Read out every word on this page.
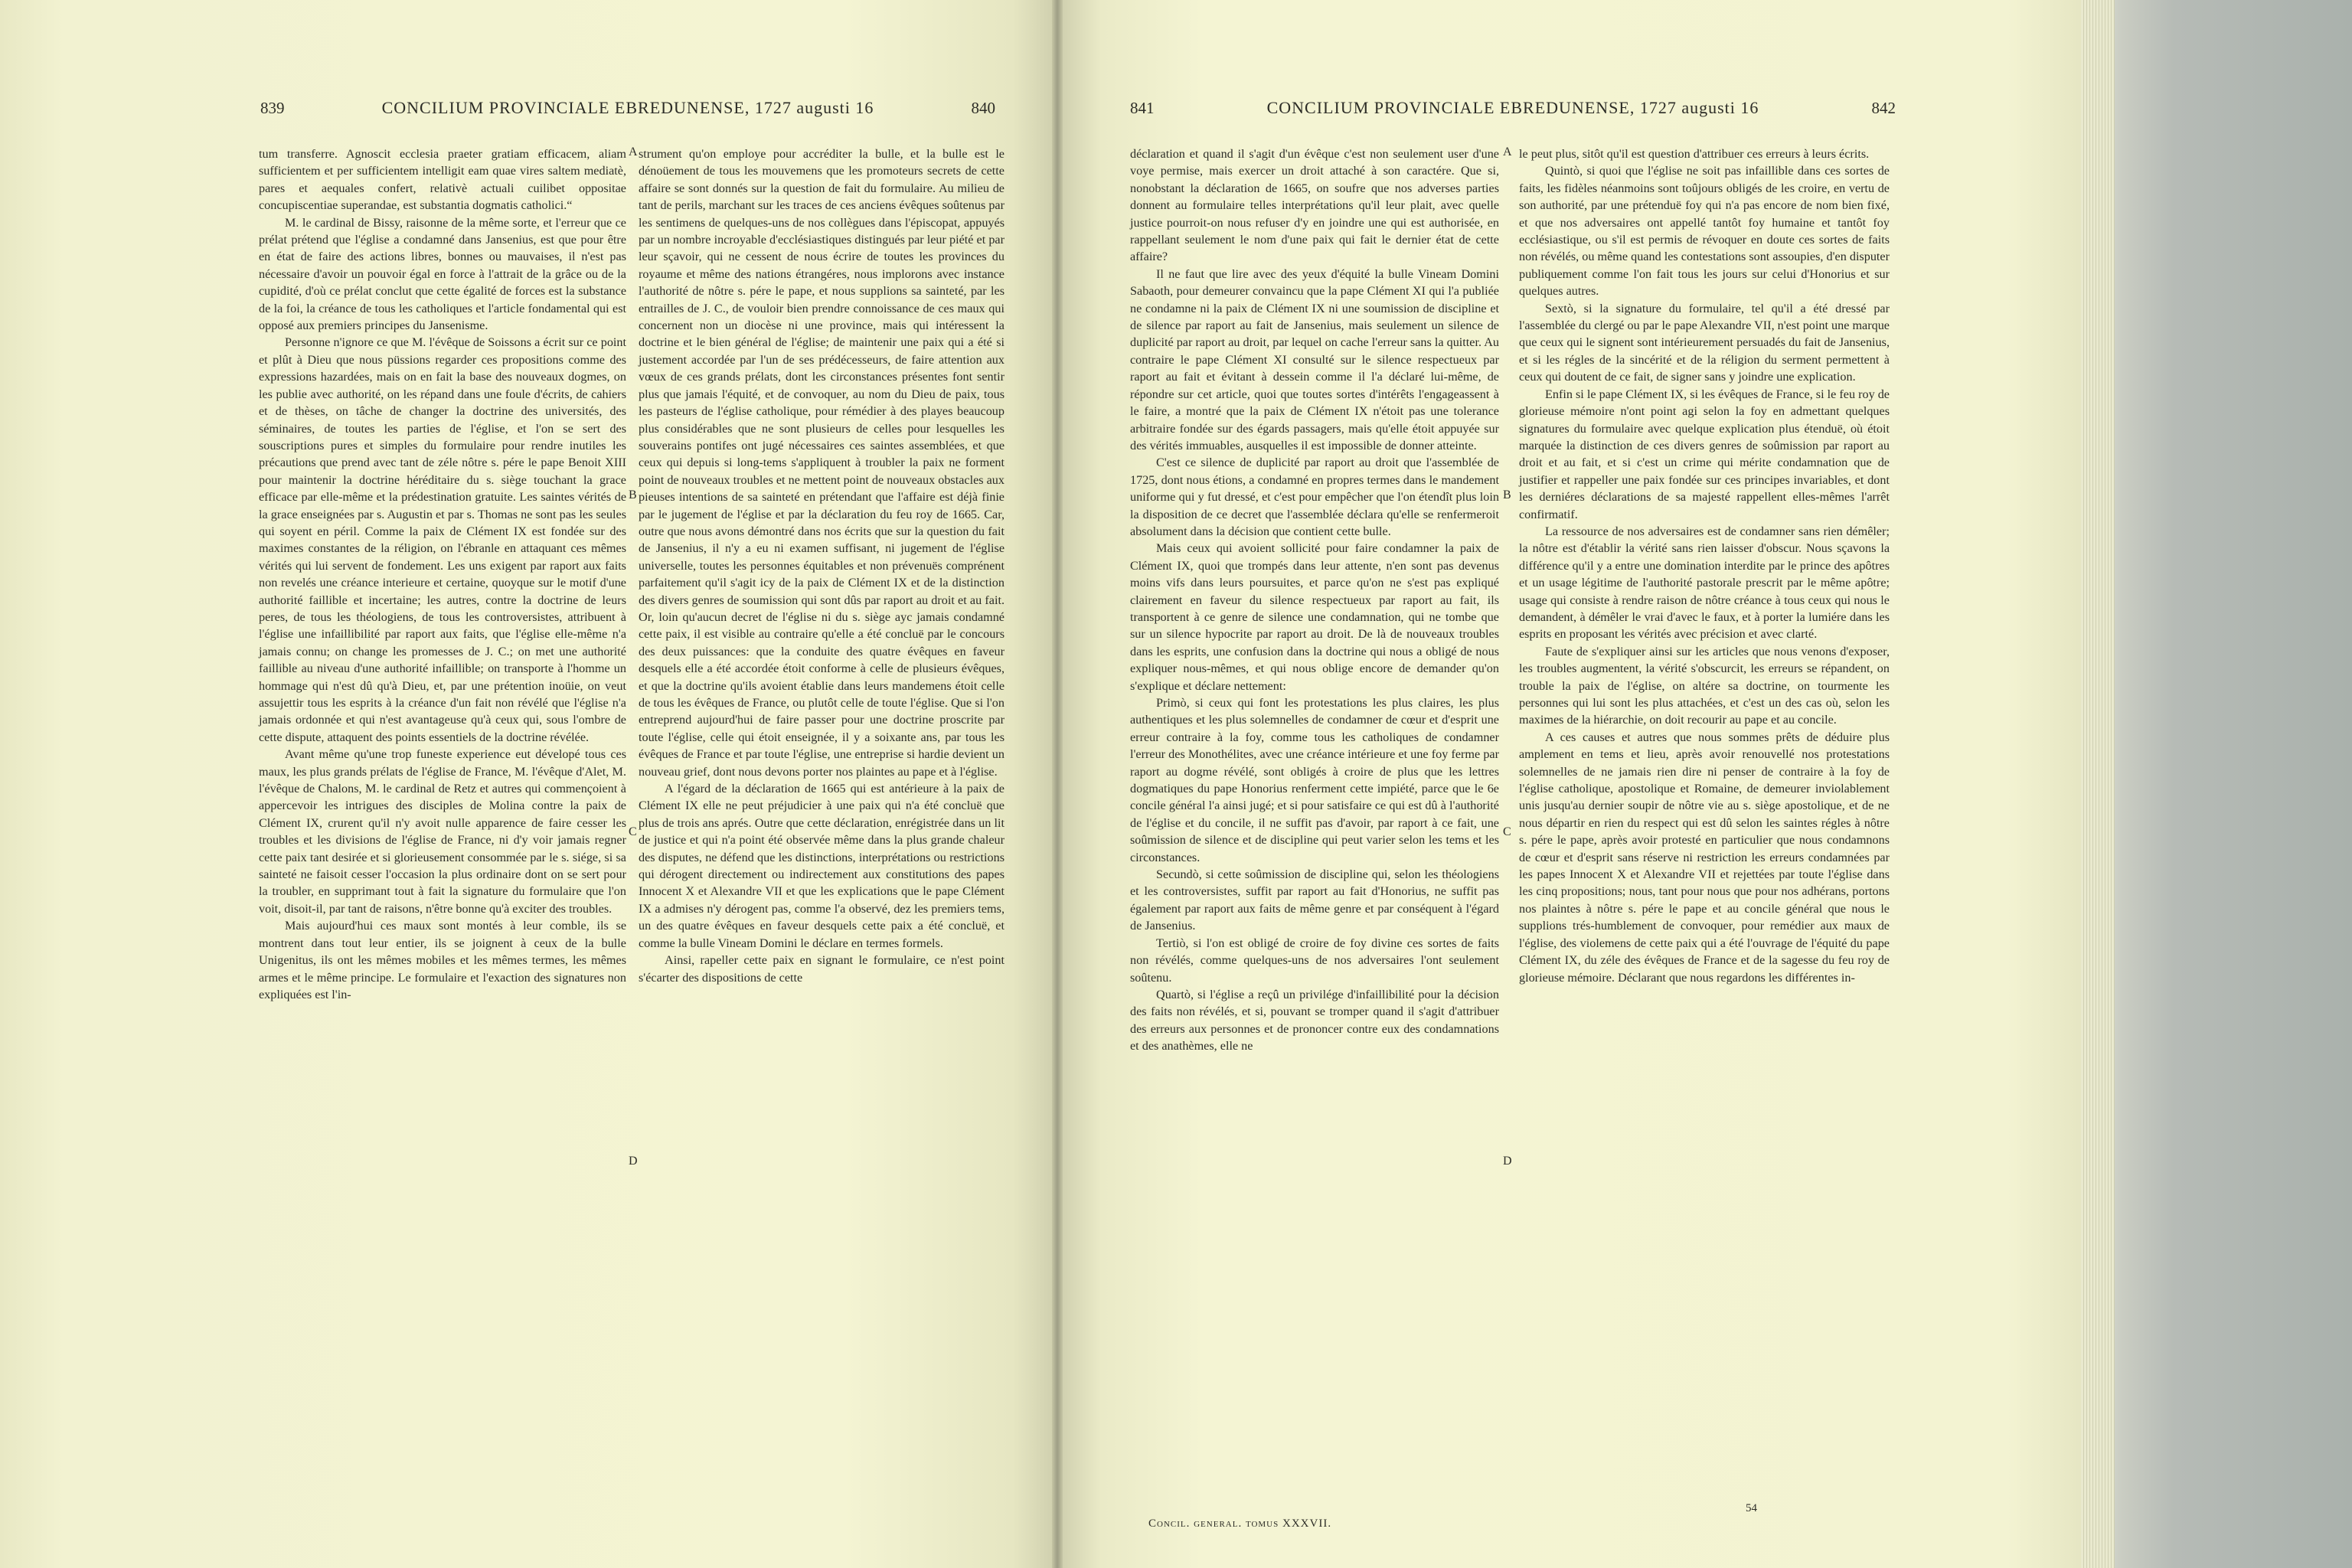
839	CONCILIUM PROVINCIALE EBREDUNENSE, 1727 augusti 16	840	841	CONCILIUM PROVINCIALE EBREDUNENSE, 1727 augusti 16	842

tum transferre. Agnoscit ecclesia praeter gratiam efficacem, aliam sufficientem et per sufficientem intelligit eam quae vires saltem mediatè, pares et aequales confert, relativè actuali cuilibet oppositae concupiscentiae superandae, est substantia dogmatis catholici.“

M. le cardinal de Bissy, raisonne de la même sorte, et l'erreur que ce prélat prétend que l'église a condamné dans Jansenius, est que pour être en état de faire des actions libres, bonnes ou mauvaises, il n'est pas nécessaire d'avoir un pouvoir égal en force à l'attrait de la grâce ou de la cupidité, d'où ce prélat conclut que cette égalité de forces est la substance de la foi, la créance de tous les catholiques et l'article fondamental qui est opposé aux premiers principes du Jansenisme.

Personne n'ignore ce que M. l'évêque de Soissons a écrit sur ce point et plût à Dieu que nous püssions regarder ces propositions comme des expressions hazardées, mais on en fait la base des nouveaux dogmes, on les publie avec authorité, on les répand dans une foule d'écrits, de cahiers et de thèses, on tâche de changer la doctrine des universités, des séminaires, de toutes les parties de l'église, et l'on se sert des souscriptions pures et simples du formulaire pour rendre inutiles les précautions que prend avec tant de zéle nôtre s. pére le pape Benoit XIII pour maintenir la doctrine héréditaire du s. siège touchant la grace efficace par elle-même et la prédestination gratuite. Les saintes vérités de la grace enseignées par s. Augustin et par s. Thomas ne sont pas les seules qui soyent en péril. Comme la paix de Clément IX est fondée sur des maximes constantes de la réligion, on l'ébranle en attaquant ces mêmes vérités qui lui servent de fondement. Les uns exigent par raport aux faits non revelés une créance interieure et certaine, quoyque sur le motif d'une authorité faillible et incertaine; les autres, contre la doctrine de leurs peres, de tous les théologiens, de tous les controversistes, attribuent à l'église une infaillibilité par raport aux faits, que l'église elle-même n'a jamais connu; on change les promesses de J. C.; on met une authorité faillible au niveau d'une authorité infaillible; on transporte à l'homme un hommage qui n'est dû qu'à Dieu, et, par une prétention inoüie, on veut assujettir tous les esprits à la créance d'un fait non révélé que l'église n'a jamais ordonnée et qui n'est avantageuse qu'à ceux qui, sous l'ombre de cette dispute, attaquent des points essentiels de la doctrine révélée.

Avant même qu'une trop funeste experience eut dévelopé tous ces maux, les plus grands prélats de l'église de France, M. l'évêque d'Alet, M. l'évêque de Chalons, M. le cardinal de Retz et autres qui commençoient à appercevoir les intrigues des disciples de Molina contre la paix de Clément IX, crurent qu'il n'y avoit nulle apparence de faire cesser les troubles et les divisions de l'église de France, ni d'y voir jamais regner cette paix tant desirée et si glorieusement consommée par le s. siége, si sa sainteté ne faisoit cesser l'occasion la plus ordinaire dont on se sert pour la troubler, en supprimant tout à fait la signature du formulaire que l'on voit, disoit-il, par tant de raisons, n'être bonne qu'à exciter des troubles.

Mais aujourd'hui ces maux sont montés à leur comble, ils se montrent dans tout leur entier, ils se joignent à ceux de la bulle Unigenitus, ils ont les mêmes mobiles et les mêmes termes, les mêmes armes et le même principe. Le formulaire et l'exaction des signatures non expliquées est l'in-

strument qu'on employe pour accréditer la bulle, et la bulle est le dénoüement de tous les mouvemens que les promoteurs secrets de cette affaire se sont donnés sur la question de fait du formulaire. Au milieu de tant de perils, marchant sur les traces de ces anciens évêques soûtenus par les sentimens de quelques-uns de nos collègues dans l'épiscopat, appuyés par un nombre incroyable d'ecclésiastiques distingués par leur piété et par leur sçavoir, qui ne cessent de nous écrire de toutes les provinces du royaume et même des nations étrangéres, nous implorons avec instance l'authorité de nôtre s. pére le pape, et nous supplions sa sainteté, par les entrailles de J. C., de vouloir bien prendre connoissance de ces maux qui concernent non un diocèse ni une province, mais qui intéressent la doctrine et le bien général de l'église; de maintenir une paix qui a été si justement accordée par l'un de ses prédécesseurs, de faire attention aux vœux de ces grands prélats, dont les circonstances présentes font sentir plus que jamais l'équité, et de convoquer, au nom du Dieu de paix, tous les pasteurs de l'église catholique, pour rémédier à des playes beaucoup plus considérables que ne sont plusieurs de celles pour lesquelles les souverains pontifes ont jugé nécessaires ces saintes assemblées, et que ceux qui depuis si long-tems s'appliquent à troubler la paix ne forment point de nouveaux troubles et ne mettent point de nouveaux obstacles aux pieuses intentions de sa sainteté en prétendant que l'affaire est déjà finie par le jugement de l'église et par la déclaration du feu roy de 1665. Car, outre que nous avons démontré dans nos écrits que sur la question du fait de Jansenius, il n'y a eu ni examen suffisant, ni jugement de l'église universelle, toutes les personnes équitables et non prévenuës comprénent parfaitement qu'il s'agit icy de la paix de Clément IX et de la distinction des divers genres de soumission qui sont dûs par raport au droit et au fait. Or, loin qu'aucun decret de l'église ni du s. siège ayc jamais condamné cette paix, il est visible au contraire qu'elle a été concluë par le concours des deux puissances: que la conduite des quatre évêques en faveur desquels elle a été accordée étoit conforme à celle de plusieurs évêques, et que la doctrine qu'ils avoient établie dans leurs mandemens étoit celle de tous les évêques de France, ou plutôt celle de toute l'église. Que si l'on entreprend aujourd'hui de faire passer pour une doctrine proscrite par toute l'église, celle qui étoit enseignée, il y a soixante ans, par tous les évêques de France et par toute l'église, une entreprise si hardie devient un nouveau grief, dont nous devons porter nos plaintes au pape et à l'église.

A l'égard de la déclaration de 1665 qui est antérieure à la paix de Clément IX elle ne peut préjudicier à une paix qui n'a été concluë que plus de trois ans aprés. Outre que cette déclaration, enrégistrée dans un lit de justice et qui n'a point été observée même dans la plus grande chaleur des disputes, ne défend que les distinctions, interprétations ou restrictions qui dérogent directement ou indirectement aux constitutions des papes Innocent X et Alexandre VII et que les explications que le pape Clément IX a admises n'y dérogent pas, comme l'a observé, dez les premiers tems, un des quatre évêques en faveur desquels cette paix a été concluë, et comme la bulle Vineam Domini le déclare en termes formels.

Ainsi, rapeller cette paix en signant le formulaire, ce n'est point s'écarter des dispositions de cette

déclaration et quand il s'agit d'un évêque c'est non seulement user d'une voye permise, mais exercer un droit attaché à son caractére. Que si, nonobstant la déclaration de 1665, on soufre que nos adverses parties donnent au formulaire telles interprétations qu'il leur plait, avec quelle justice pourroit-on nous refuser d'y en joindre une qui est authorisée, en rappellant seulement le nom d'une paix qui fait le dernier état de cette affaire?

Il ne faut que lire avec des yeux d'équité la bulle Vineam Domini Sabaoth, pour demeurer convaincu que la pape Clément XI qui l'a publiée ne condamne ni la paix de Clément IX ni une soumission de discipline et de silence par raport au fait de Jansenius, mais seulement un silence de duplicité par raport au droit, par lequel on cache l'erreur sans la quitter. Au contraire le pape Clément XI consulté sur le silence respectueux par raport au fait et évitant à dessein comme il l'a déclaré lui-même, de répondre sur cet article, quoi que toutes sortes d'intérêts l'engageassent à le faire, a montré que la paix de Clément IX n'étoit pas une tolerance arbitraire fondée sur des égards passagers, mais qu'elle étoit appuyée sur des vérités immuables, ausquelles il est impossible de donner atteinte.

C'est ce silence de duplicité par raport au droit que l'assemblée de 1725, dont nous étions, a condamné en propres termes dans le mandement uniforme qui y fut dressé, et c'est pour empêcher que l'on étendît plus loin la disposition de ce decret que l'assemblée déclara qu'elle se renfermeroit absolument dans la décision que contient cette bulle.

Mais ceux qui avoient sollicité pour faire condamner la paix de Clément IX, quoi que trompés dans leur attente, n'en sont pas devenus moins vifs dans leurs poursuites, et parce qu'on ne s'est pas expliqué clairement en faveur du silence respectueux par raport au fait, ils transportent à ce genre de silence une condamnation, qui ne tombe que sur un silence hypocrite par raport au droit. De là de nouveaux troubles dans les esprits, une confusion dans la doctrine qui nous a obligé de nous expliquer nous-mêmes, et qui nous oblige encore de demander qu'on s'explique et déclare nettement:

Primò, si ceux qui font les protestations les plus claires, les plus authentiques et les plus solemnelles de condamner de cœur et d'esprit une erreur contraire à la foy, comme tous les catholiques de condamner l'erreur des Monothélites, avec une créance intérieure et une foy ferme par raport au dogme révélé, sont obligés à croire de plus que les lettres dogmatiques du pape Honorius renferment cette impiété, parce que le 6e concile général l'a ainsi jugé; et si pour satisfaire ce qui est dû à l'authorité de l'église et du concile, il ne suffit pas d'avoir, par raport à ce fait, une soûmission de silence et de discipline qui peut varier selon les tems et les circonstances.

Secundò, si cette soûmission de discipline qui, selon les théologiens et les controversistes, suffit par raport au fait d'Honorius, ne suffit pas également par raport aux faits de même genre et par conséquent à l'égard de Jansenius.

Tertiò, si l'on est obligé de croire de foy divine ces sortes de faits non révélés, comme quelques-uns de nos adversaires l'ont seulement soûtenu.

Quartò, si l'église a reçû un privilége d'infaillibilité pour la décision des faits non révélés, et si, pouvant se tromper quand il s'agit d'attribuer des erreurs aux personnes et de prononcer contre eux des condamnations et des anathèmes, elle ne

le peut plus, sitôt qu'il est question d'attribuer ces erreurs à leurs écrits.

Quintò, si quoi que l'église ne soit pas infaillible dans ces sortes de faits, les fidèles néanmoins sont toûjours obligés de les croire, en vertu de son authorité, par une prétenduë foy qui n'a pas encore de nom bien fixé, et que nos adversaires ont appellé tantôt foy humaine et tantôt foy ecclésiastique, ou s'il est permis de révoquer en doute ces sortes de faits non révélés, ou même quand les contestations sont assoupies, d'en disputer publiquement comme l'on fait tous les jours sur celui d'Honorius et sur quelques autres.

Sextò, si la signature du formulaire, tel qu'il a été dressé par l'assemblée du clergé ou par le pape Alexandre VII, n'est point une marque que ceux qui le signent sont intérieurement persuadés du fait de Jansenius, et si les régles de la sincérité et de la réligion du serment permettent à ceux qui doutent de ce fait, de signer sans y joindre une explication.

Enfin si le pape Clément IX, si les évêques de France, si le feu roy de glorieuse mémoire n'ont point agi selon la foy en admettant quelques signatures du formulaire avec quelque explication plus étenduë, où étoit marquée la distinction de ces divers genres de soûmission par raport au droit et au fait, et si c'est un crime qui mérite condamnation que de justifier et rappeller une paix fondée sur ces principes invariables, et dont les derniéres déclarations de sa majesté rappellent elles-mêmes l'arrêt confirmatif.

La ressource de nos adversaires est de condamner sans rien démêler; la nôtre est d'établir la vérité sans rien laisser d'obscur. Nous sçavons la différence qu'il y a entre une domination interdite par le prince des apôtres et un usage légitime de l'authorité pastorale prescrit par le même apôtre; usage qui consiste à rendre raison de nôtre créance à tous ceux qui nous le demandent, à démêler le vrai d'avec le faux, et à porter la lumiére dans les esprits en proposant les vérités avec précision et avec clarté.

Faute de s'expliquer ainsi sur les articles que nous venons d'exposer, les troubles augmentent, la vérité s'obscurcit, les erreurs se répandent, on trouble la paix de l'église, on altére sa doctrine, on tourmente les personnes qui lui sont les plus attachées, et c'est un des cas où, selon les maximes de la hiérarchie, on doit recourir au pape et au concile.

A ces causes et autres que nous sommes prêts de déduire plus amplement en tems et lieu, après avoir renouvellé nos protestations solemnelles de ne jamais rien dire ni penser de contraire à la foy de l'église catholique, apostolique et Romaine, de demeurer inviolablement unis jusqu'au dernier soupir de nôtre vie au s. siège apostolique, et de ne nous départir en rien du respect qui est dû selon les saintes régles à nôtre s. pére le pape, après avoir protesté en particulier que nous condamnons de cœur et d'esprit sans réserve ni restriction les erreurs condamnées par les papes Innocent X et Alexandre VII et rejettées par toute l'église dans les cinq propositions; nous, tant pour nous que pour nos adhérans, portons nos plaintes à nôtre s. pére le pape et au concile général que nous le supplions trés-humblement de convoquer, pour remédier aux maux de l'église, des violemens de cette paix qui a été l'ouvrage de l'équité du pape Clément IX, du zéle des évêques de France et de la sagesse du feu roy de glorieuse mémoire. Déclarant que nous regardons les différentes in-

A
B
C
D
A
B
C
D
Concil. general. tomus XXXVII.
54
